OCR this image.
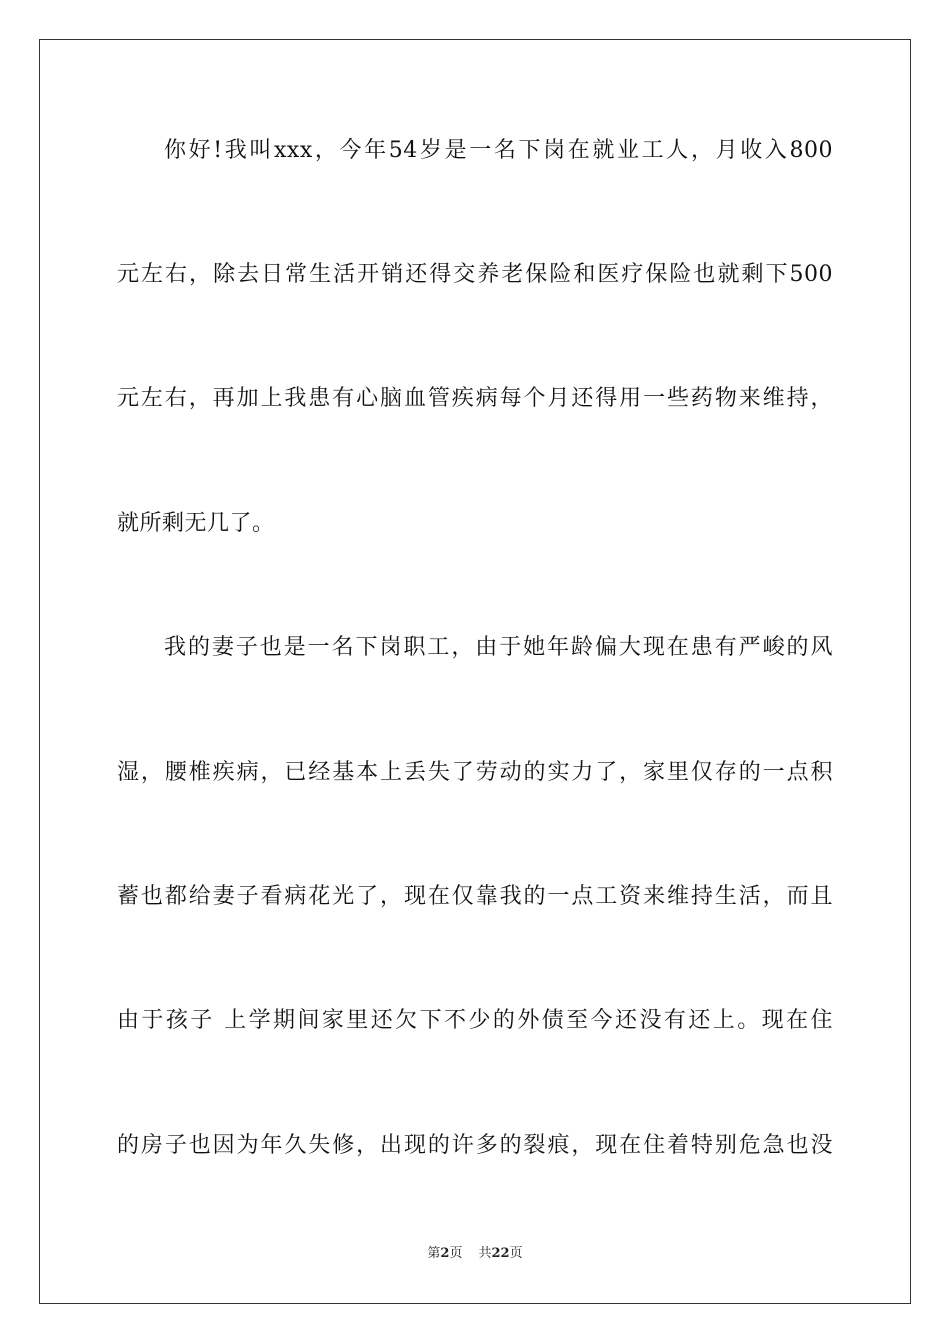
你好!我叫xxx，今年54岁是一名下岗在就业工人，月收入800
元左右，除去日常生活开销还得交养老保险和医疗保险也就剩下500
元左右，再加上我患有心脑血管疾病每个月还得用一些药物来维持，
就所剩无几了。
我的妻子也是一名下岗职工，由于她年龄偏大现在患有严峻的风
湿，腰椎疾病，已经基本上丢失了劳动的实力了，家里仅存的一点积
蓄也都给妻子看病花光了，现在仅靠我的一点工资来维持生活，而且
由于孩子 上学期间家里还欠下不少的外债至今还没有还上。现在住
的房子也因为年久失修，出现的许多的裂痕，现在住着特别危急也没
第2页 共22页
